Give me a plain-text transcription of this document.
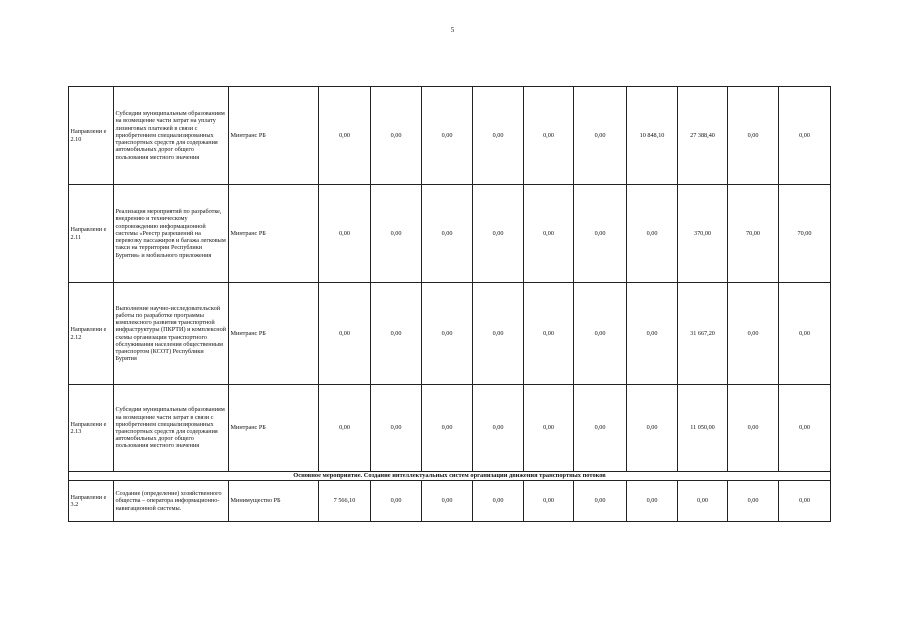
5
Направлени е 2.10	Субсидии муниципальным образованиям на возмещение части затрат на уплату лизинговых платежей в связи с приобретением специализированных транспортных средств для содержания автомобильных дорог общего пользования местного значения	Минтранс РБ	0,00	0,00	0,00	0,00	0,00	0,00	10 848,10	27 388,40	0,00	0,00
Направлени е 2.11	Реализация мероприятий по разработке, внедрению и техническому сопровождению информационной системы «Реестр разрешений на перевозку пассажиров и багажа легковым такси на территории Республики Бурятия» и мобильного приложения	Минтранс РБ	0,00	0,00	0,00	0,00	0,00	0,00	0,00	370,00	70,00	70,00
Направлени е 2.12	Выполнение научно-исследовательской работы по разработке программы комплексного развития транспортной инфраструктуры (ПКРТИ) и комплексной схемы организации транспортного обслуживания населения общественным транспортом (КСОТ) Республики Бурятия	Минтранс РБ	0,00	0,00	0,00	0,00	0,00	0,00	0,00	31 667,20	0,00	0,00
Направлени е 2.13	Субсидии муниципальным образованиям на возмещение части затрат в связи с приобретением специализированных транспортных средств для содержания автомобильных дорог общего пользования местного значения	Минтранс РБ	0,00	0,00	0,00	0,00	0,00	0,00	0,00	11 050,00	0,00	0,00
Основное мероприятие. Создание интеллектуальных систем организации движения транспортных потоков												
Направлени е 3.2	Создание (определение) хозяйственного общества – оператора информационно-навигационной системы.	Минимущество РБ	7 566,10	0,00	0,00	0,00	0,00	0,00	0,00	0,00	0,00	0,00
